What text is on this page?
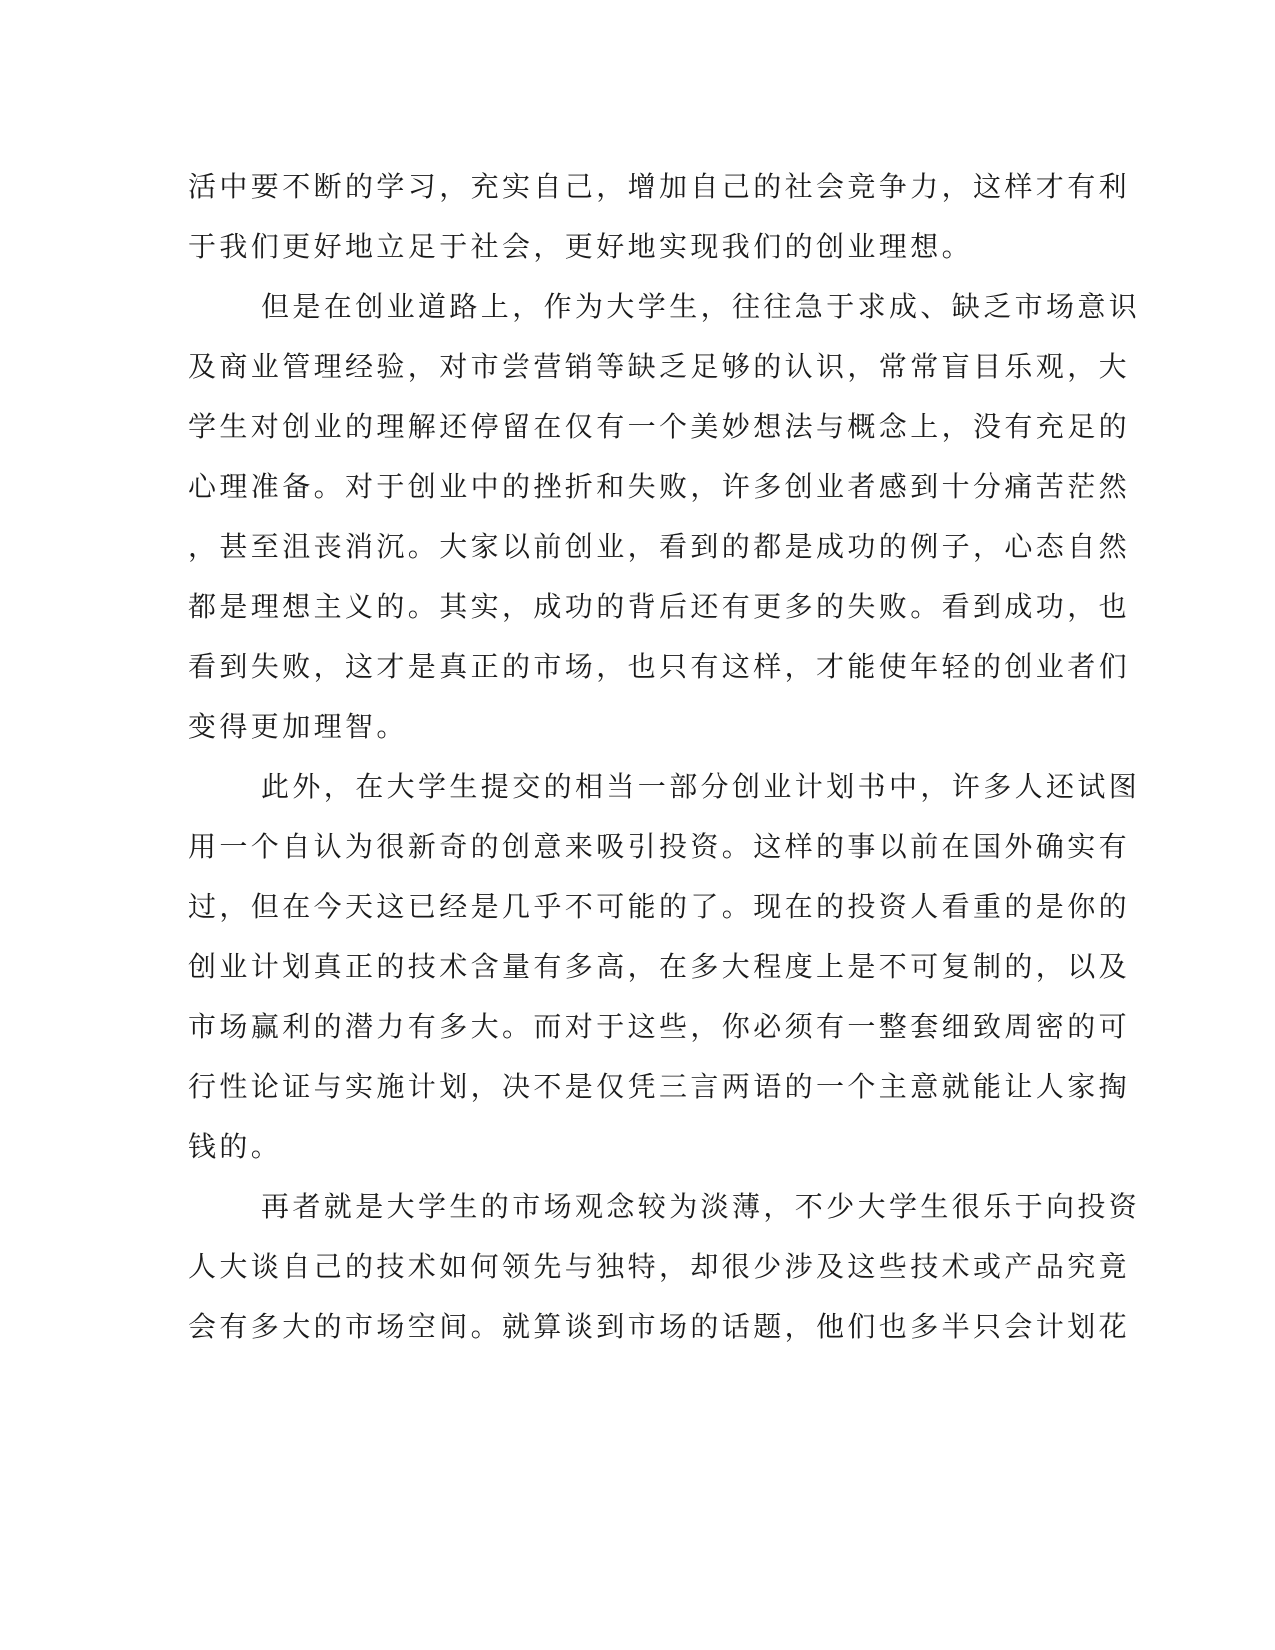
活中要不断的学习，充实自己，增加自己的社会竞争力，这样才有利
于我们更好地立足于社会，更好地实现我们的创业理想。
但是在创业道路上，作为大学生，往往急于求成、缺乏市场意识
及商业管理经验，对市尝营销等缺乏足够的认识，常常盲目乐观，大
学生对创业的理解还停留在仅有一个美妙想法与概念上，没有充足的
心理准备。对于创业中的挫折和失败，许多创业者感到十分痛苦茫然
，甚至沮丧消沉。大家以前创业，看到的都是成功的例子，心态自然
都是理想主义的。其实，成功的背后还有更多的失败。看到成功，也
看到失败，这才是真正的市场，也只有这样，才能使年轻的创业者们
变得更加理智。
此外，在大学生提交的相当一部分创业计划书中，许多人还试图
用一个自认为很新奇的创意来吸引投资。这样的事以前在国外确实有
过，但在今天这已经是几乎不可能的了。现在的投资人看重的是你的
创业计划真正的技术含量有多高，在多大程度上是不可复制的，以及
市场赢利的潜力有多大。而对于这些，你必须有一整套细致周密的可
行性论证与实施计划，决不是仅凭三言两语的一个主意就能让人家掏
钱的。
再者就是大学生的市场观念较为淡薄，不少大学生很乐于向投资
人大谈自己的技术如何领先与独特，却很少涉及这些技术或产品究竟
会有多大的市场空间。就算谈到市场的话题，他们也多半只会计划花
